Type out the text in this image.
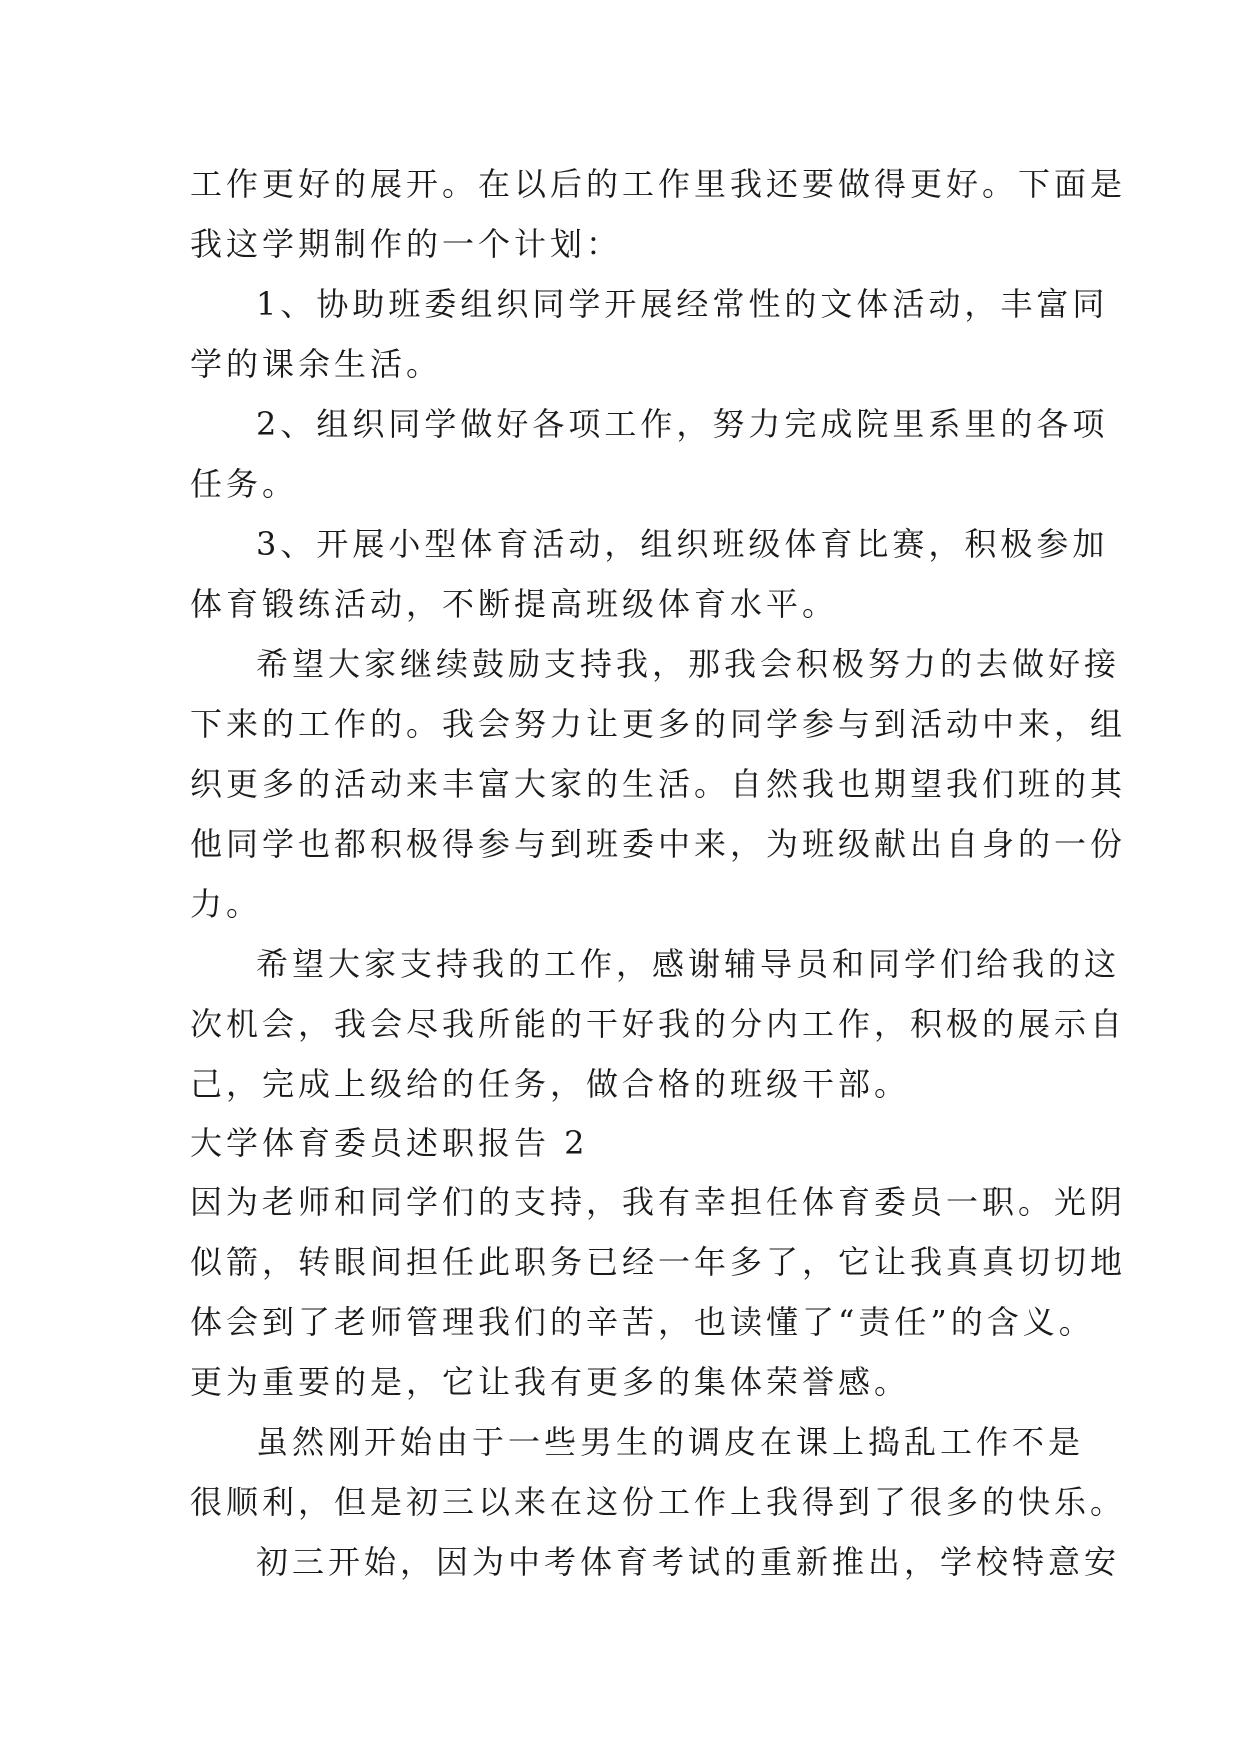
工作更好的展开。在以后的工作里我还要做得更好。下面是
我这学期制作的一个计划：
1、协助班委组织同学开展经常性的文体活动，丰富同
学的课余生活。
2、组织同学做好各项工作，努力完成院里系里的各项
任务。
3、开展小型体育活动，组织班级体育比赛，积极参加
体育锻练活动，不断提高班级体育水平。
希望大家继续鼓励支持我，那我会积极努力的去做好接
下来的工作的。我会努力让更多的同学参与到活动中来，组
织更多的活动来丰富大家的生活。自然我也期望我们班的其
他同学也都积极得参与到班委中来，为班级献出自身的一份
力。
希望大家支持我的工作，感谢辅导员和同学们给我的这
次机会，我会尽我所能的干好我的分内工作，积极的展示自
己，完成上级给的任务，做合格的班级干部。
大学体育委员述职报告 2
因为老师和同学们的支持，我有幸担任体育委员一职。光阴
似箭，转眼间担任此职务已经一年多了，它让我真真切切地
体会到了老师管理我们的辛苦，也读懂了“责任”的含义。
更为重要的是，它让我有更多的集体荣誉感。
虽然刚开始由于一些男生的调皮在课上捣乱工作不是
很顺利，但是初三以来在这份工作上我得到了很多的快乐。
初三开始，因为中考体育考试的重新推出，学校特意安
